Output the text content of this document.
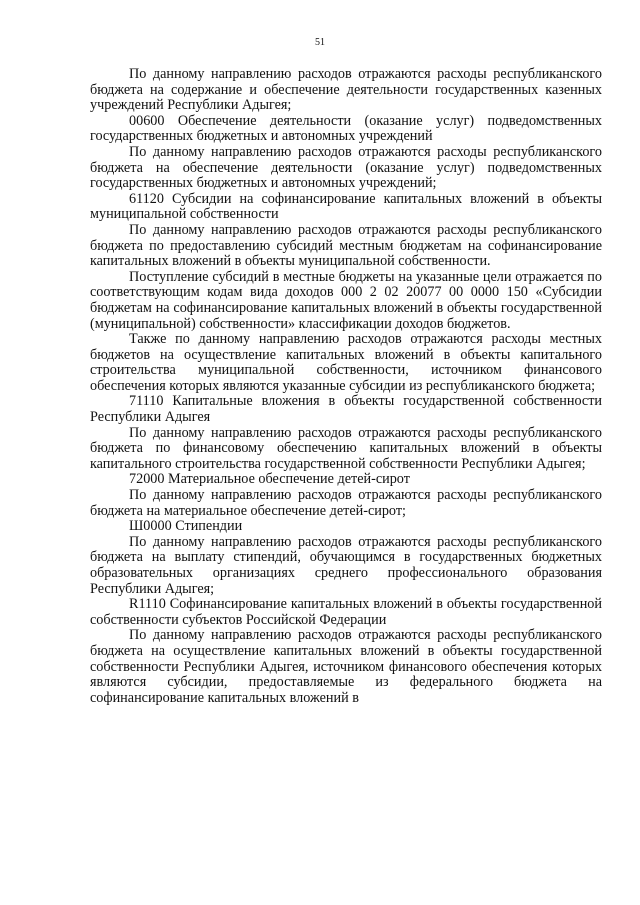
51

По данному направлению расходов отражаются расходы республиканского бюджета на содержание и обеспечение деятельности государственных казенных учреждений Республики Адыгея;

00600 Обеспечение деятельности (оказание услуг) подведомственных государственных бюджетных и автономных учреждений

По данному направлению расходов отражаются расходы республиканского бюджета на обеспечение деятельности (оказание услуг) подведомственных государственных бюджетных и автономных учреждений;

61120 Субсидии на софинансирование капитальных вложений в объекты муниципальной собственности

По данному направлению расходов отражаются расходы республиканского бюджета по предоставлению субсидий местным бюджетам на софинансирование капитальных вложений в объекты муниципальной собственности.

Поступление субсидий в местные бюджеты на указанные цели отражается по соответствующим кодам вида доходов 000 2 02 20077 00 0000 150 «Субсидии бюджетам на софинансирование капитальных вложений в объекты государственной (муниципальной) собственности» классификации доходов бюджетов.

Также по данному направлению расходов отражаются расходы местных бюджетов на осуществление капитальных вложений в объекты капитального строительства муниципальной собственности, источником финансового обеспечения которых являются указанные субсидии из республиканского бюджета;

71110 Капитальные вложения в объекты государственной собственности Республики Адыгея

По данному направлению расходов отражаются расходы республиканского бюджета по финансовому обеспечению капитальных вложений в объекты капитального строительства государственной собственности Республики Адыгея;

72000 Материальное обеспечение детей-сирот

По данному направлению расходов отражаются расходы республиканского бюджета на материальное обеспечение детей-сирот;

Ш0000 Стипендии

По данному направлению расходов отражаются расходы республиканского бюджета на выплату стипендий, обучающимся в государственных бюджетных образовательных организациях среднего профессионального образования Республики Адыгея;

R1110 Софинансирование капитальных вложений в объекты государственной собственности субъектов Российской Федерации

По данному направлению расходов отражаются расходы республиканского бюджета на осуществление капитальных вложений в объекты государственной собственности Республики Адыгея, источником финансового обеспечения которых являются субсидии, предоставляемые из федерального бюджета на софинансирование капитальных вложений в
